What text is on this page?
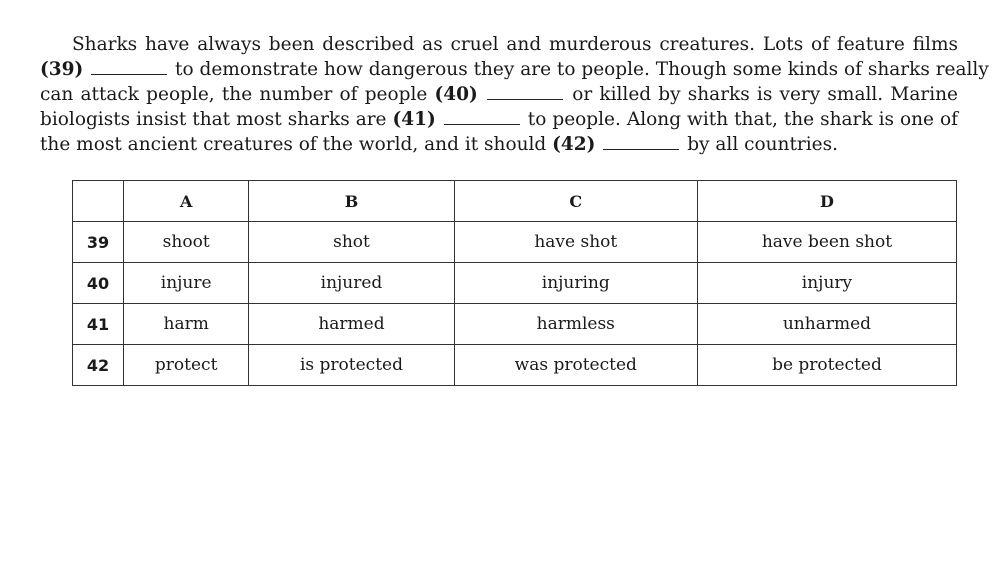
Sharks have always been described as cruel and murderous creatures. Lots of feature films
(39)	to demonstrate how dangerous they are to people. Though some kinds of sharks really
can attack people, the number of people (40)	or killed by sharks is very small. Marine
biologists insist that most sharks are (41)	to people. Along with that, the shark is one of
the most ancient creatures of the world, and it should (42)	by all countries.
	A	B	C	D
39	shoot	shot	have shot	have been shot
40	injure	injured	injuring	injury
41	harm	harmed	harmless	unharmed
42	protect	is protected	was protected	be protected
